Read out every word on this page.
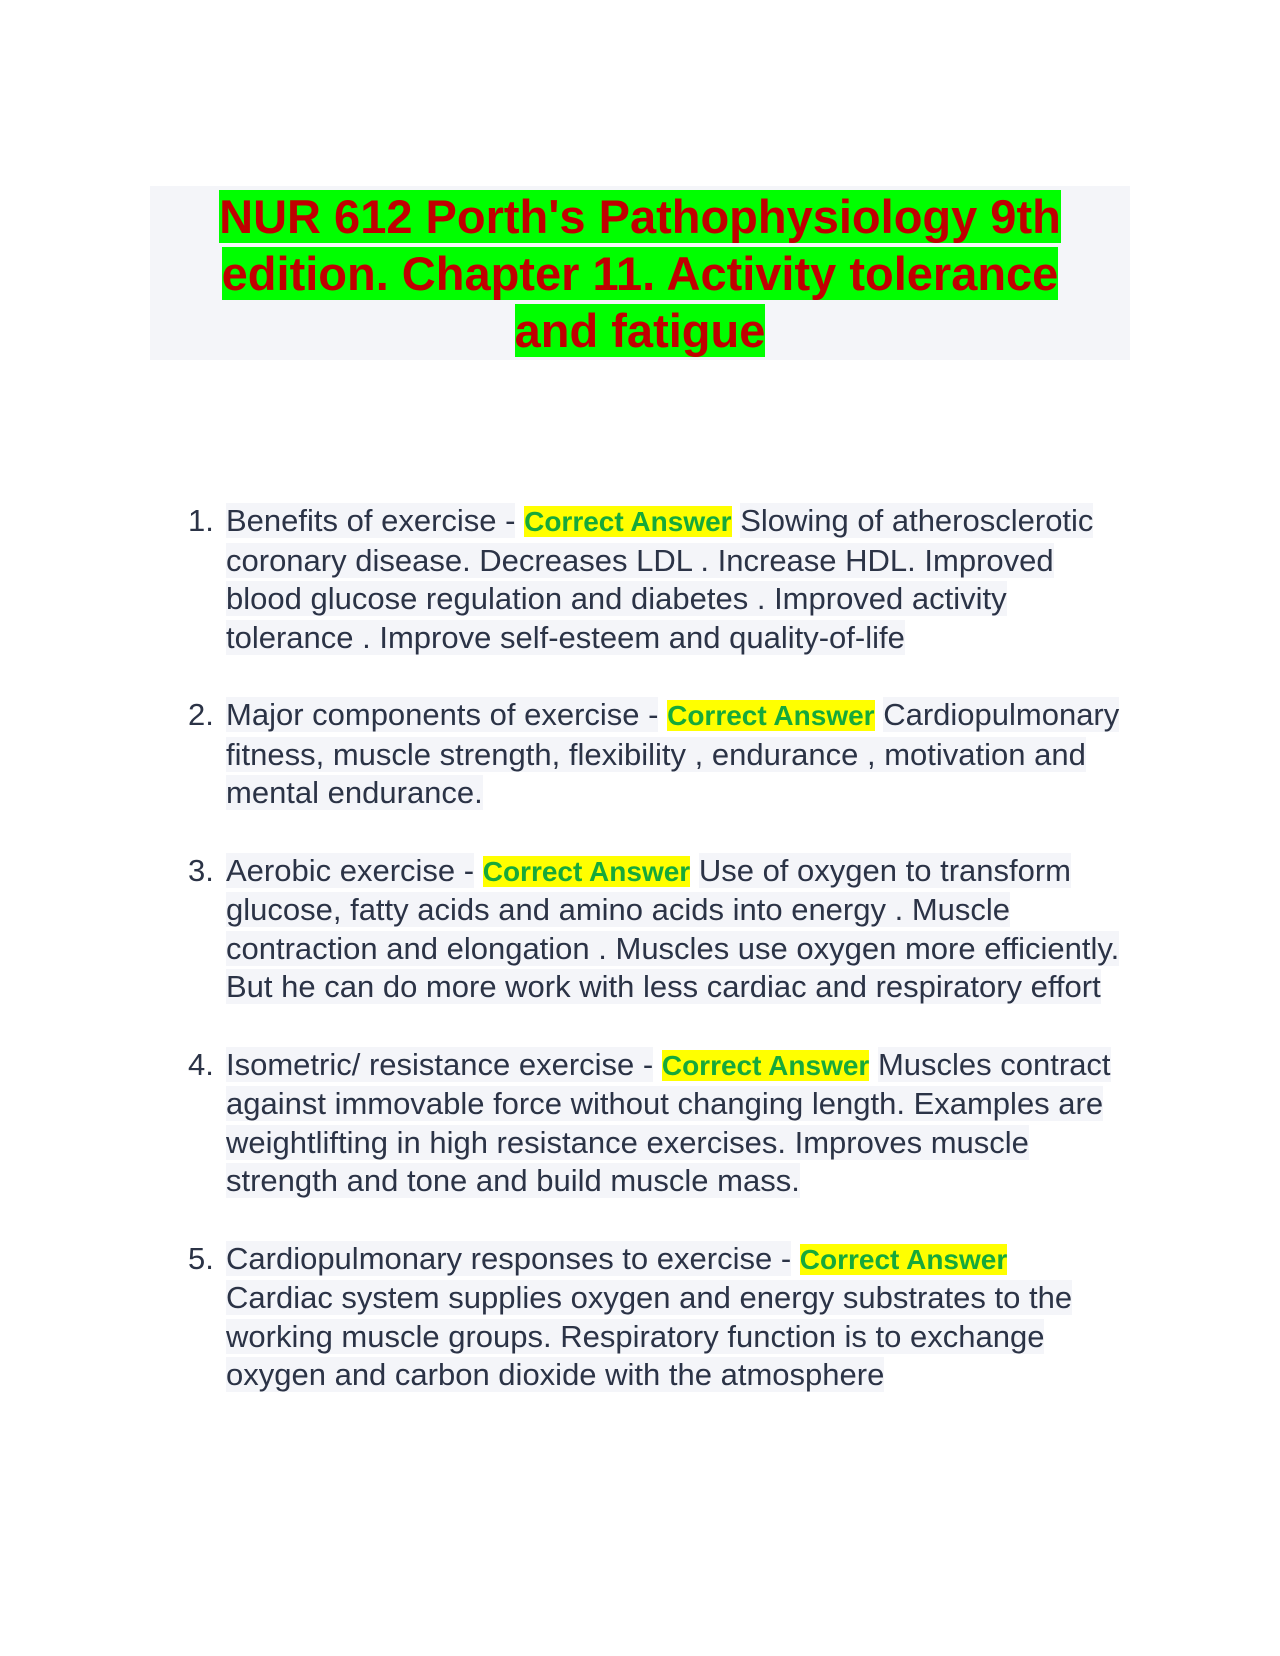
NUR 612 Porth's Pathophysiology 9th edition. Chapter 11. Activity tolerance and fatigue
1. Benefits of exercise - Correct Answer Slowing of atherosclerotic coronary disease. Decreases LDL . Increase HDL. Improved blood glucose regulation and diabetes . Improved activity tolerance . Improve self-esteem and quality-of-life
2. Major components of exercise - Correct Answer Cardiopulmonary fitness, muscle strength, flexibility , endurance , motivation and mental endurance.
3. Aerobic exercise - Correct Answer Use of oxygen to transform glucose, fatty acids and amino acids into energy . Muscle contraction and elongation . Muscles use oxygen more efficiently. But he can do more work with less cardiac and respiratory effort
4. Isometric/ resistance exercise - Correct Answer Muscles contract against immovable force without changing length. Examples are weightlifting in high resistance exercises. Improves muscle strength and tone and build muscle mass.
5. Cardiopulmonary responses to exercise - Correct Answer Cardiac system supplies oxygen and energy substrates to the working muscle groups. Respiratory function is to exchange oxygen and carbon dioxide with the atmosphere
